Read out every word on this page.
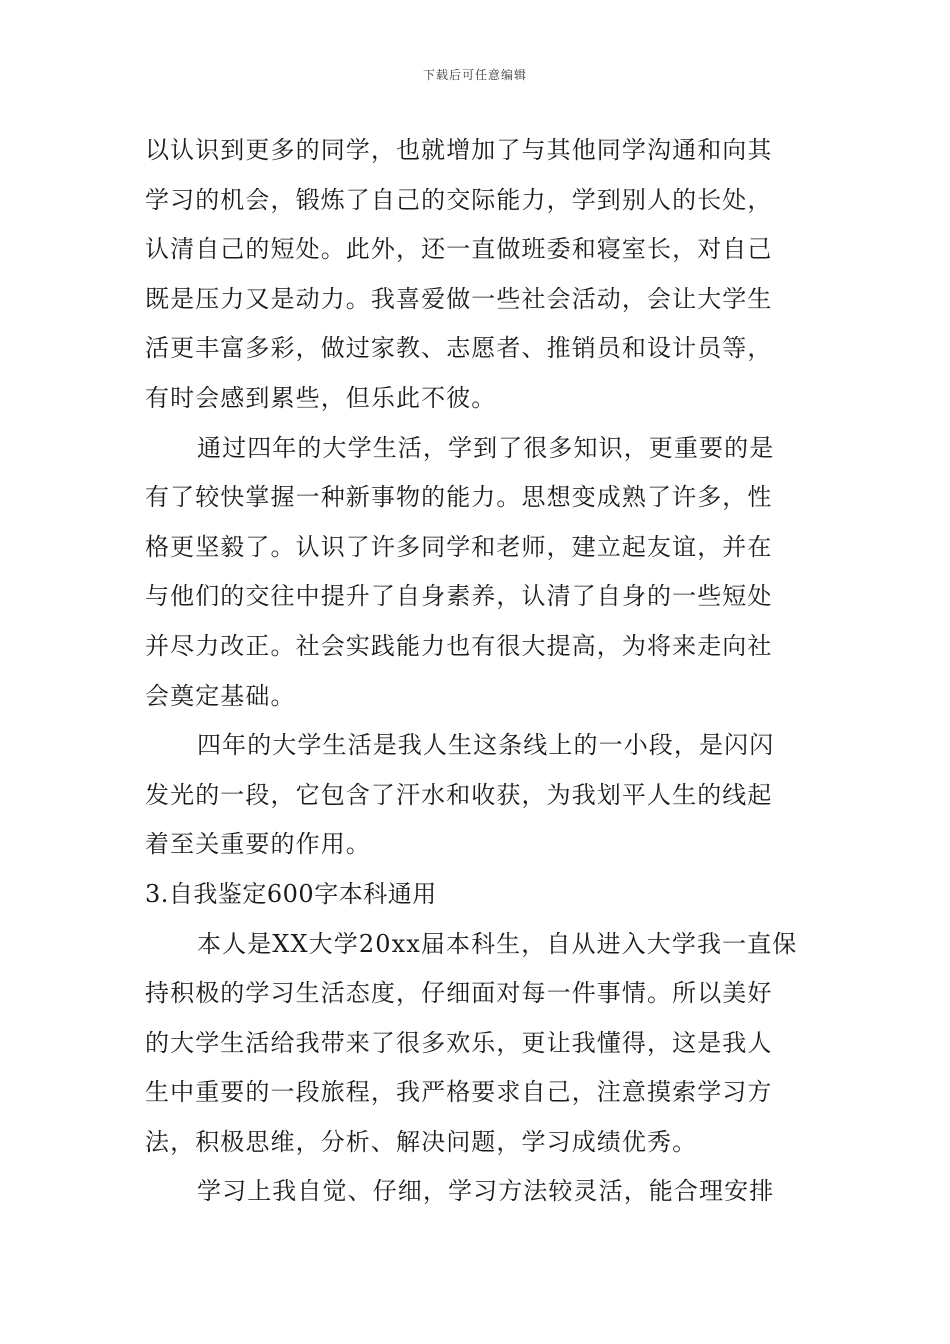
下载后可任意编辑
以认识到更多的同学，也就增加了与其他同学沟通和向其
学习的机会，锻炼了自己的交际能力，学到别人的长处，
认清自己的短处。此外，还一直做班委和寝室长，对自己
既是压力又是动力。我喜爱做一些社会活动，会让大学生
活更丰富多彩，做过家教、志愿者、推销员和设计员等，
有时会感到累些，但乐此不彼。
通过四年的大学生活，学到了很多知识，更重要的是
有了较快掌握一种新事物的能力。思想变成熟了许多，性
格更坚毅了。认识了许多同学和老师，建立起友谊，并在
与他们的交往中提升了自身素养，认清了自身的一些短处
并尽力改正。社会实践能力也有很大提高，为将来走向社
会奠定基础。
四年的大学生活是我人生这条线上的一小段，是闪闪
发光的一段，它包含了汗水和收获，为我划平人生的线起
着至关重要的作用。
3.自我鉴定600字本科通用
本人是XX大学20xx届本科生，自从进入大学我一直保
持积极的学习生活态度，仔细面对每一件事情。所以美好
的大学生活给我带来了很多欢乐，更让我懂得，这是我人
生中重要的一段旅程，我严格要求自己，注意摸索学习方
法，积极思维，分析、解决问题，学习成绩优秀。
学习上我自觉、仔细，学习方法较灵活，能合理安排
